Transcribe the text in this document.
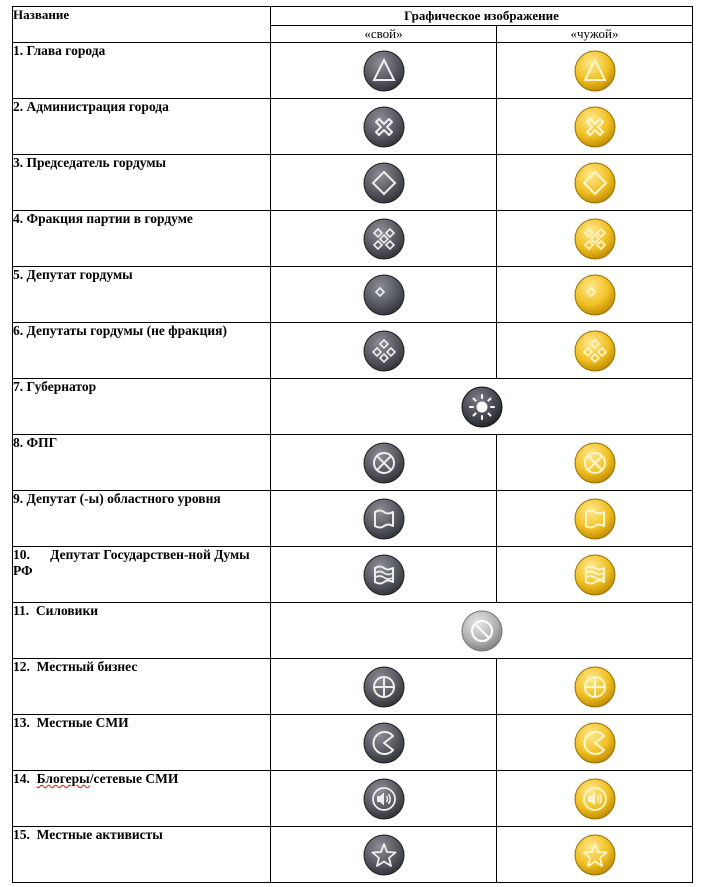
Название	Графическое изображение	
	«свой»	«чужой»
1. Глава города	

2. Администрация города	

3. Председатель гордумы	

4. Фракция партии в гордуме	

5. Депутат гордумы	

6. Депутаты гордумы (не фракция)	

7. Губернатор	

8. ФПГ	

9. Депутат (-ы) областного уровня	

10.      Депутат Государствен-ной Думы РФ	

11.  Силовики	

12.  Местный бизнес	

13.  Местные СМИ	

14.  Блогеры/сетевые СМИ	

15.  Местные активисты	
